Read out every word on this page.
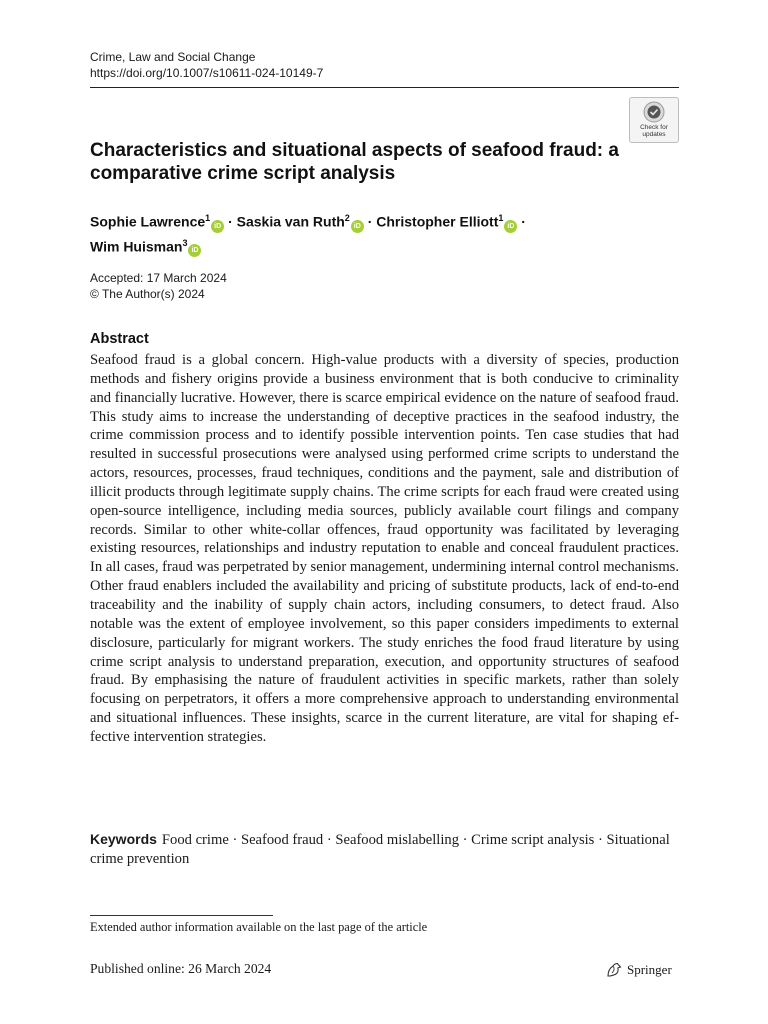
Crime, Law and Social Change
https://doi.org/10.1007/s10611-024-10149-7
Check for
updates
Characteristics and situational aspects of seafood fraud: a comparative crime script analysis
Sophie Lawrence$^1$iD · Saskia van Ruth$^2$iD · Christopher Elliott$^1$iD ·
Wim Huisman$^3$iD
Accepted: 17 March 2024
© The Author(s) 2024
Abstract
Seafood fraud is a global concern. High-value products with a diversity of species, production methods and fishery origins provide a business environment that is both conducive to criminality and financially lucrative. However, there is scarce empirical evidence on the nature of seafood fraud. This study aims to increase the understanding of deceptive practices in the seafood industry, the crime commission process and to identify possible intervention points. Ten case studies that had resulted in successful prosecutions were analysed using performed crime scripts to understand the actors, resources, processes, fraud techniques, conditions and the payment, sale and distribution of illicit products through legitimate supply chains. The crime scripts for each fraud were created using open-source intelligence, including media sources, publicly available court filings and company records. Similar to other white-collar offences, fraud opportunity was facilitated by leveraging existing resources, relationships and industry reputation to enable and conceal fraudulent practices. In all cases, fraud was perpetrated by senior management, undermining internal control mechanisms. Other fraud enablers included the availability and pricing of substitute products, lack of end-to-end traceability and the inability of supply chain actors, including consumers, to detect fraud. Also notable was the extent of employee involvement, so this paper considers impediments to external disclosure, particularly for migrant workers. The study enriches the food fraud literature by using crime script analysis to understand preparation, execution, and opportunity structures of seafood fraud. By emphasising the nature of fraudulent activities in specific markets, rather than solely focusing on perpetrators, it offers a more comprehensive approach to understanding environmental and situational influences. These insights, scarce in the current literature, are vital for shaping effective intervention strategies.
Keywords Food crime · Seafood fraud · Seafood mislabelling · Crime script analysis · Situational crime prevention
Extended author information available on the last page of the article
Published online: 26 March 2024	Springer
